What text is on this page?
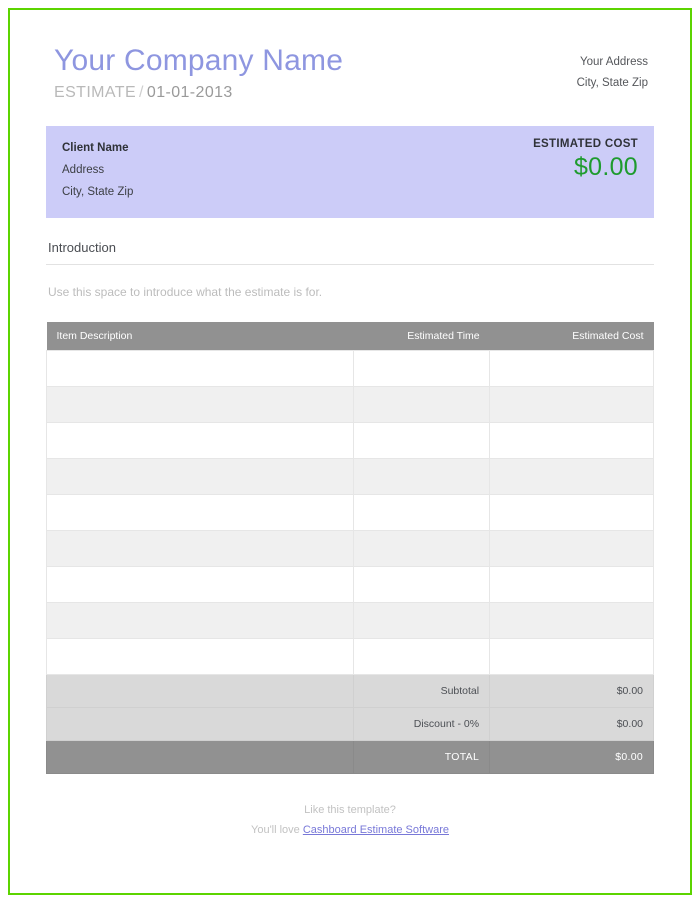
Your Company Name
ESTIMATE / 01-01-2013
Your Address
City, State Zip
Client Name
Address
City, State Zip
ESTIMATED COST
$0.00
Introduction
Use this space to introduce what the estimate is for.
Item Description	Estimated Time	Estimated Cost

	Subtotal	$0.00
	Discount - 0%	$0.00
	TOTAL	$0.00
Like this template?
You'll love Cashboard Estimate Software
